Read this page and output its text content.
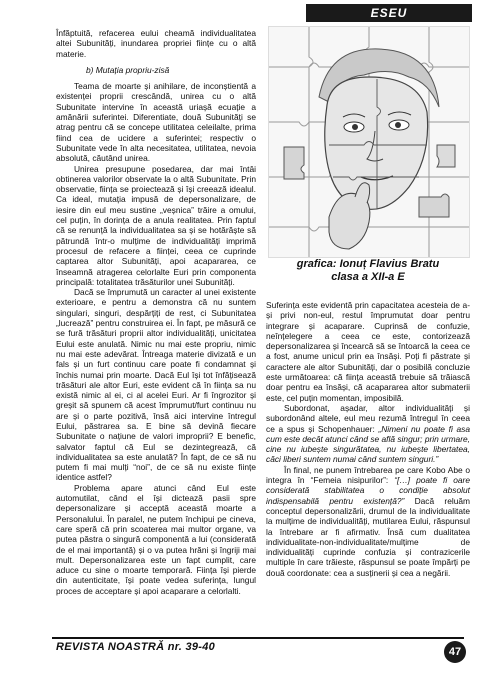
ESEU

Înfăptuită, refacerea eului cheamă individualitatea altei Subunități, inundarea propriei ființe cu o altă materie.

b) Mutația propriu-zisă

Teama de moarte și anihilare, de inconștientă a existenței proprii crescândă, unirea cu o altă Subunitate intervine în această uriașă ecuație a amănării suferintei. Diferentiate, două Subunități se atrag pentru că se concepe utilitatea celeilalte, prima fiind cea de ucidere a suferintei; respectiv o Subunitate vede în alta necesitatea, utilitatea, nevoia absolută, căutând unirea.

Unirea presupune posedarea, dar mai întâi obtinerea valorilor observate la o altă Subunitate. Prin observatie, ființa se proiectează și își creează idealul. Ca ideal, mutația impusă de depersonalizare, de iesire din eul meu sustine „veșnica” trăire a omului, cel puțin, în dorința de a anula realitatea. Prin faptul că se renunță la individualitatea sa și se hotărăște să pătrundă într-o mulțime de individualități imprimă procesul de refacere a ființei, ceea ce cuprinde captarea altor Subunități, apoi acapararea, ce înseamnă atragerea celorlalte Euri prin componenta principală: totalitatea trăsăturilor unei Subunități.

Dacă se împrumută un caracter al unei existente exterioare, e pentru a demonstra că nu suntem singulari, singuri, despărțiți de rest, ci Subunitatea „lucrează” pentru construirea ei. În fapt, pe măsură ce se fură trăsături proprii altor individualități, unicitatea Eului este anulată. Nimic nu mai este propriu, nimic nu mai este adevărat. Întreaga materie divizată e un fals și un furt continuu care poate fi condamnat și închis numai prin moarte. Dacă Eul își tot înfățisează trăsături ale altor Euri, este evident că în ființa sa nu există nimic al ei, ci al acelei Euri. Ar fi îngrozitor și greșit să spunem că acest împrumut/furt continuu nu are și o parte pozitivă, însă aici intervine întregul Eului, păstrarea sa. E bine să devină fiecare Subunitate o națiune de valori improprii? E benefic, salvator faptul că Eul se dezintegrează, că individualitatea sa este anulată? În fapt, de ce să nu putem fi mai mulți “noi”, de ce să nu existe ființe identice astfel?

Problema apare atunci când Eul este automutilat, când el își dictează pasii spre depersonalizare și acceptă această moarte a Personalului. În paralel, ne putem închipui pe cineva, care speră că prin scoaterea mai multor organe, va putea păstra o singură componentă a lui (considerată de el mai importantă) și o va putea hrăni și îngriji mai mult. Depersonalizarea este un fapt cumplit, care aduce cu sine o moarte temporară. Ființa își pierde din autenticitate, își poate vedea suferința, lungul proces de acceptare și apoi acaparare a celorlalti.

grafica: Ionuț Flavius Bratu
clasa a XII-a E

Suferința este evidentă prin capacitatea acesteia de a-și privi non-eul, restul împrumutat doar pentru integrare și acaparare. Cuprinsă de confuzie, neînțelegere a ceea ce este, contorizează depersonalizarea și încearcă să se întoarcă la ceea ce a fost, anume unicul prin ea însăși. Poți fi păstrate și caractere ale altor Subunități, dar o posibilă concluzie este următoarea: că ființa această trebuie să trăiască doar pentru ea însăși, că acapararea altor submaterii este, cel puțin momentan, imposibilă.

Subordonat, așadar, altor individualități și subordonând altele, eul meu rezumă întregul în ceea ce a spus și Schopenhauer: „Nimeni nu poate fi asa cum este decât atunci când se află singur; prin urmare, cine nu iubește singurătatea, nu iubește libertatea, căci liberi suntem numai când suntem singuri.”

În final, ne punem întrebarea pe care Kobo Abe o integra în “Femeia nisipurilor”: “[…] poate fi oare considerată stabilitatea o condiție absolut indispensabilă pentru existență?” Dacă reluăm conceptul depersonalizării, drumul de la individualitate la mulțime de individualități, mutilarea Eului, răspunsul la întrebare ar fi afirmativ. Însă cum dualitatea individualitate-non-individualitate/mulțime de individualități cuprinde confuzia și contrazicerile multiple în care trăieste, răspunsul se poate împărți pe două coordonate: cea a susținerii și cea a negării.

REVISTA NOASTRĂ nr. 39-40	47
